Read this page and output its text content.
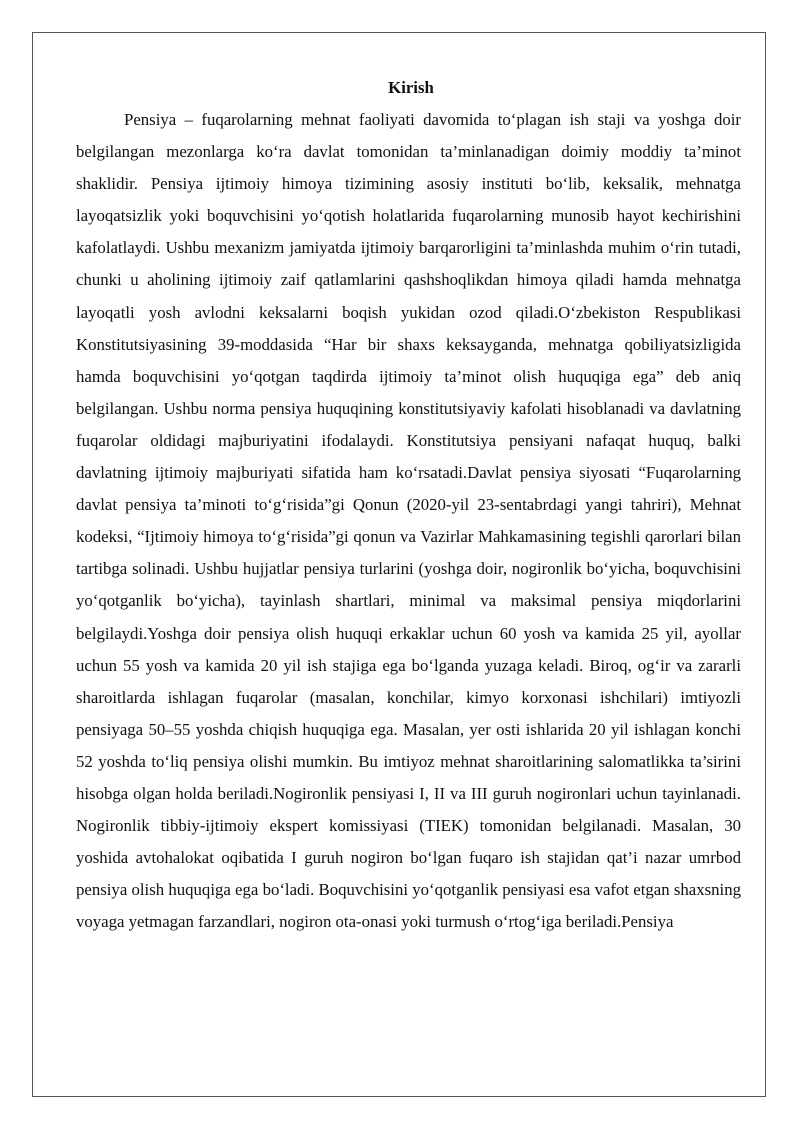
Kirish

Pensiya – fuqarolarning mehnat faoliyati davomida to‘plagan ish staji va yoshga doir belgilangan mezonlarga ko‘ra davlat tomonidan ta’minlanadigan doimiy moddiy ta’minot shaklidir. Pensiya ijtimoiy himoya tizimining asosiy instituti bo‘lib, keksalik, mehnatga layoqatsizlik yoki boquvchisini yo‘qotish holatlarida fuqarolarning munosib hayot kechirishini kafolatlaydi. Ushbu mexanizm jamiyatda ijtimoiy barqarorligini ta’minlashda muhim o‘rin tutadi, chunki u aholining ijtimoiy zaif qatlamlarini qashshoqlikdan himoya qiladi hamda mehnatga layoqatli yosh avlodni keksalarni boqish yukidan ozod qiladi.O‘zbekiston Respublikasi Konstitutsiyasining 39-moddasida “Har bir shaxs keksayganda, mehnatga qobiliyatsizligida hamda boquvchisini yo‘qotgan taqdirda ijtimoiy ta’minot olish huquqiga ega” deb aniq belgilangan. Ushbu norma pensiya huquqining konstitutsiyaviy kafolati hisoblanadi va davlatning fuqarolar oldidagi majburiyatini ifodalaydi. Konstitutsiya pensiyani nafaqat huquq, balki davlatning ijtimoiy majburiyati sifatida ham ko‘rsatadi.Davlat pensiya siyosati “Fuqarolarning davlat pensiya ta’minoti to‘g‘risida”gi Qonun (2020-yil 23-sentabrdagi yangi tahriri), Mehnat kodeksi, “Ijtimoiy himoya to‘g‘risida”gi qonun va Vazirlar Mahkamasining tegishli qarorlari bilan tartibga solinadi. Ushbu hujjatlar pensiya turlarini (yoshga doir, nogironlik bo‘yicha, boquvchisini yo‘qotganlik bo‘yicha), tayinlash shartlari, minimal va maksimal pensiya miqdorlarini belgilaydi.Yoshga doir pensiya olish huquqi erkaklar uchun 60 yosh va kamida 25 yil, ayollar uchun 55 yosh va kamida 20 yil ish stajiga ega bo‘lganda yuzaga keladi. Biroq, og‘ir va zararli sharoitlarda ishlagan fuqarolar (masalan, konchilar, kimyo korxonasi ishchilari) imtiyozli pensiyaga 50–55 yoshda chiqish huquqiga ega. Masalan, yer osti ishlarida 20 yil ishlagan konchi 52 yoshda to‘liq pensiya olishi mumkin. Bu imtiyoz mehnat sharoitlarining salomatlikka ta’sirini hisobga olgan holda beriladi.Nogironlik pensiyasi I, II va III guruh nogironlari uchun tayinlanadi. Nogironlik tibbiy-ijtimoiy ekspert komissiyasi (TIEK) tomonidan belgilanadi. Masalan, 30 yoshida avtohalokat oqibatida I guruh nogiron bo‘lgan fuqaro ish stajidan qat’i nazar umrbod pensiya olish huquqiga ega bo‘ladi. Boquvchisini yo‘qotganlik pensiyasi esa vafot etgan shaxsning voyaga yetmagan farzandlari, nogiron ota-onasi yoki turmush o‘rtog‘iga beriladi.Pensiya
